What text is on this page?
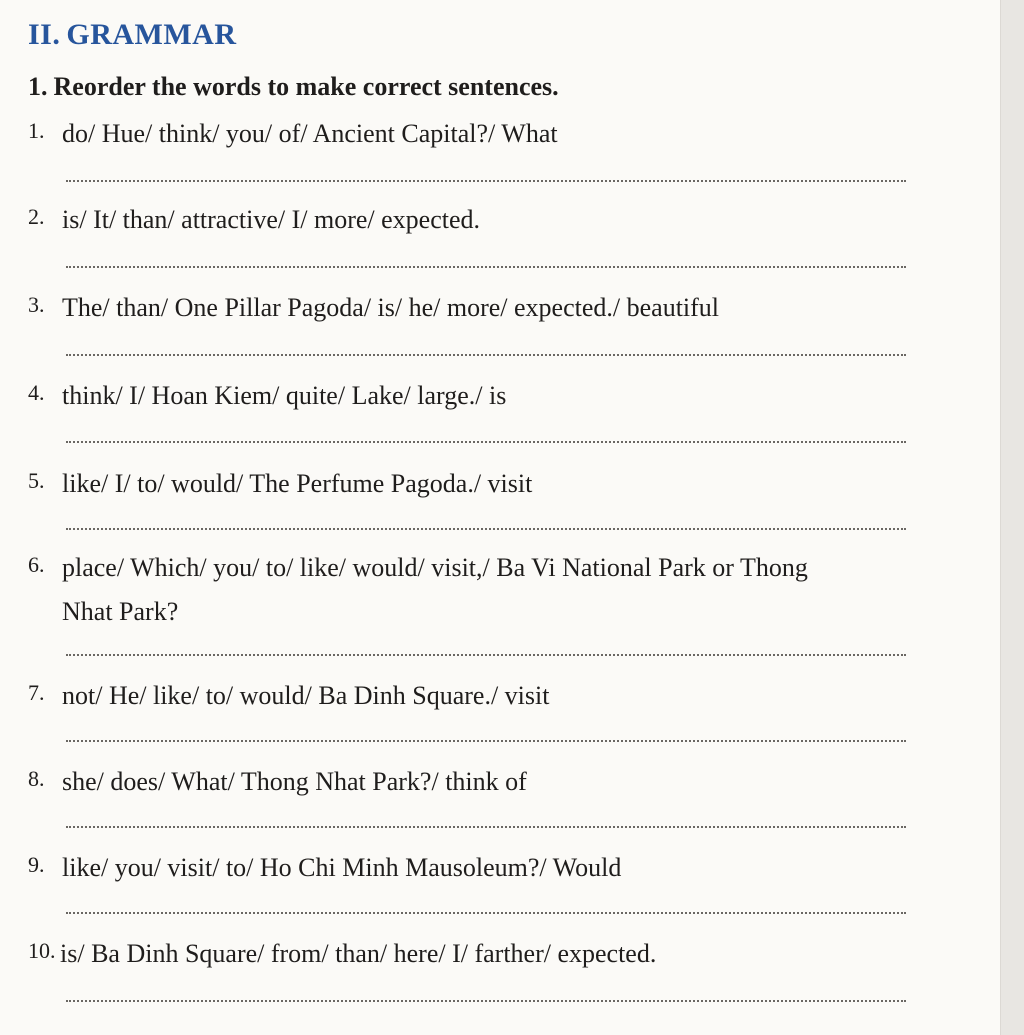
II. GRAMMAR
1. Reorder the words to make correct sentences.
1. do/ Hue/ think/ you/ of/ Ancient Capital?/ What
2. is/ It/ than/ attractive/ I/ more/ expected.
3. The/ than/ One Pillar Pagoda/ is/ he/ more/ expected./ beautiful
4. think/ I/ Hoan Kiem/ quite/ Lake/ large./ is
5. like/ I/ to/ would/ The Perfume Pagoda./ visit
6. place/ Which/ you/ to/ like/ would/ visit,/ Ba Vi National Park or Thong
Nhat Park?
7. not/ He/ like/ to/ would/ Ba Dinh Square./ visit
8. she/ does/ What/ Thong Nhat Park?/ think of
9. like/ you/ visit/ to/ Ho Chi Minh Mausoleum?/ Would
10. is/ Ba Dinh Square/ from/ than/ here/ I/ farther/ expected.
